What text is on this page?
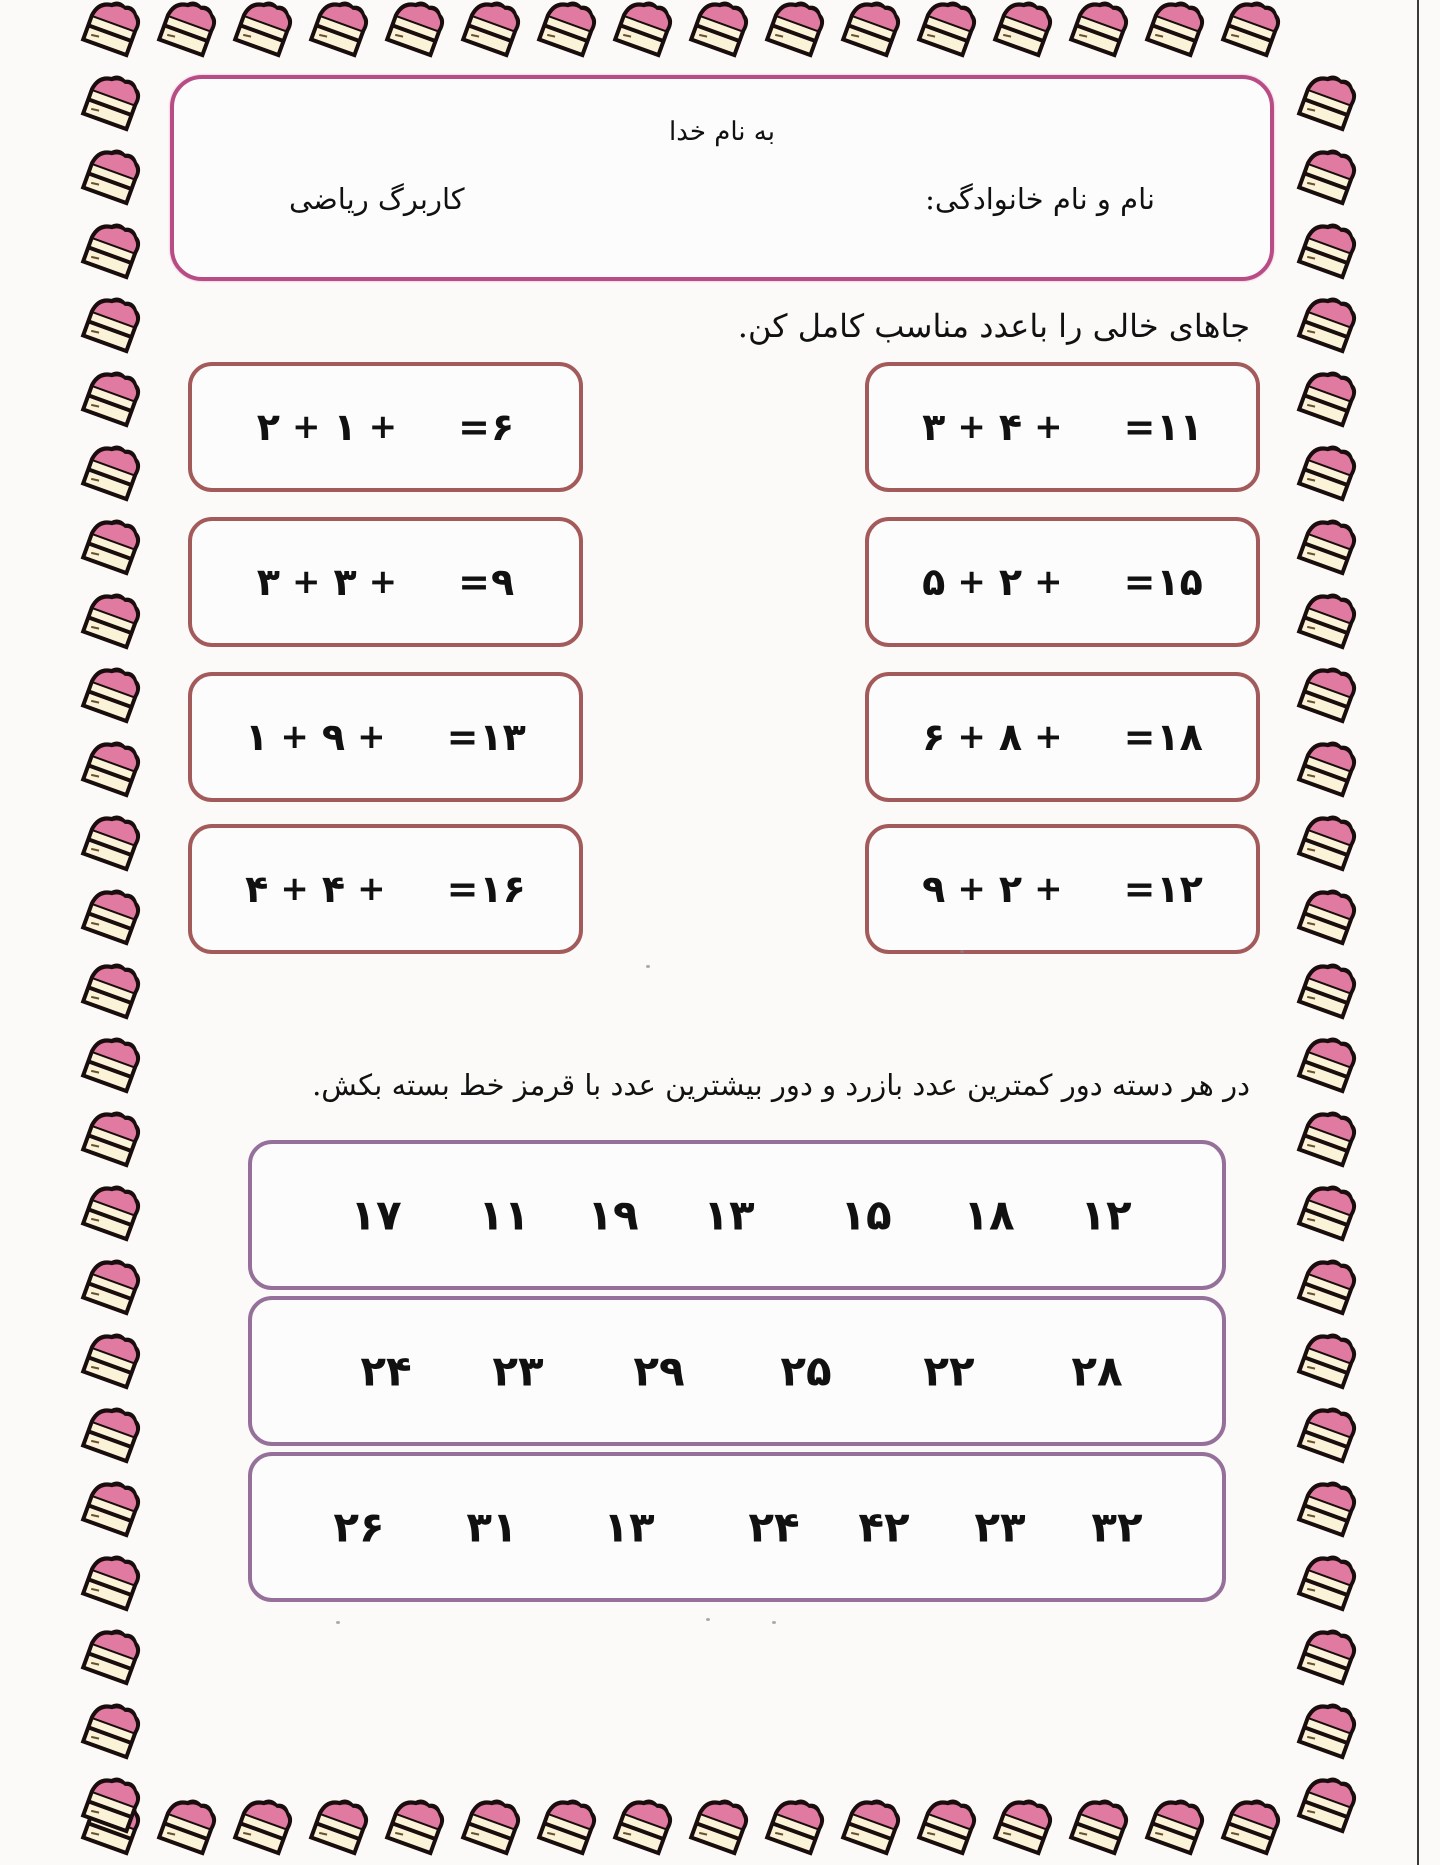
به نام خدا
نام و نام خانوادگی:
کاربرگ ریاضی
جاهای خالی را باعدد مناسب کامل کن.
۲ + ۱ + = ۶	۳ + ۴ + = ۱۱
۳ + ۳ + = ۹	۵ + ۲ + = ۱۵
۱ + ۹ + = ۱۳	۶ + ۸ + = ۱۸
۴ + ۴ + = ۱۶	۹ + ۲ + = ۱۲
در هر دسته دور کمترین عدد بازرد و دور بیشترین عدد با قرمز خط بسته بکش.
۱۷ ۱۱ ۱۹ ۱۳ ۱۵ ۱۸ ۱۲
۲۴ ۲۳ ۲۹ ۲۵ ۲۲ ۲۸
۲۶ ۳۱ ۱۳ ۲۴ ۴۲ ۲۳ ۳۲
